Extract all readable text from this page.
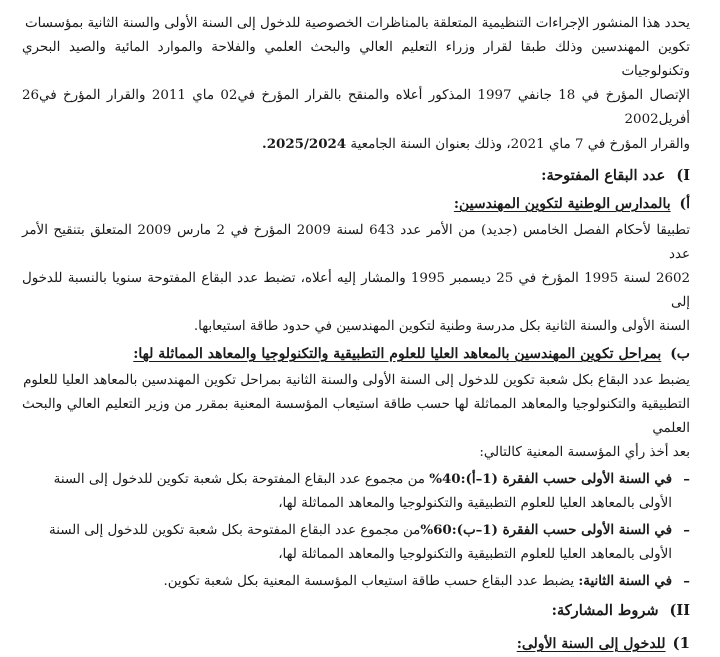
يحدد هذا المنشور الإجراءات التنظيمية المتعلقة بالمناظرات الخصوصية للدخول إلى السنة الأولى والسنة الثانية بمؤسسات
تكوين المهندسين وذلك طبقا لقرار وزراء التعليم العالي والبحث العلمي والفلاحة والموارد المائية والصيد البحري وتكنولوجيات
الإتصال المؤرخ في 18 جانفي 1997 المذكور أعلاه والمنقح بالقرار المؤرخ في02 ماي 2011 والقرار المؤرخ في26 أفريل2002
والقرار المؤرخ في 7 ماي 2021، وذلك بعنوان السنة الجامعية 2025/2024.
I) عدد البقاع المفتوحة:
أ) بالمدارس الوطنية لتكوين المهندسين:
تطبيقا لأحكام الفصل الخامس (جديد) من الأمر عدد 643 لسنة 2009 المؤرخ في 2 مارس 2009 المتعلق بتنقيح الأمر عدد
2602 لسنة 1995 المؤرخ في 25 ديسمبر 1995 والمشار إليه أعلاه، تضبط عدد البقاع المفتوحة سنويا بالنسبة للدخول إلى
السنة الأولى والسنة الثانية بكل مدرسة وطنية لتكوين المهندسين في حدود طاقة استيعابها.
ب) بمراحل تكوين المهندسين بالمعاهد العليا للعلوم التطبيقية والتكنولوجيا والمعاهد المماثلة لها:
يضبط عدد البقاع بكل شعبة تكوين للدخول إلى السنة الأولى والسنة الثانية بمراحل تكوين المهندسين بالمعاهد العليا للعلوم
التطبيقية والتكنولوجيا والمعاهد المماثلة لها حسب طاقة استيعاب المؤسسة المعنية بمقرر من وزير التعليم العالي والبحث العلمي
بعد أخذ رأي المؤسسة المعنية كالتالي:
–
في السنة الأولى حسب الفقرة (1–أ):40% من مجموع عدد البقاع المفتوحة بكل شعبة تكوين للدخول إلى السنة
الأولى بالمعاهد العليا للعلوم التطبيقية والتكنولوجيا والمعاهد المماثلة لها،
–
في السنة الأولى حسب الفقرة (1–ب):60%من مجموع عدد البقاع المفتوحة بكل شعبة تكوين للدخول إلى السنة
الأولى بالمعاهد العليا للعلوم التطبيقية والتكنولوجيا والمعاهد المماثلة لها،
–
في السنة الثانية: يضبط عدد البقاع حسب طاقة استيعاب المؤسسة المعنية بكل شعبة تكوين.
II) شروط المشاركة:
1) للدخول إلى السنة الأولى:
